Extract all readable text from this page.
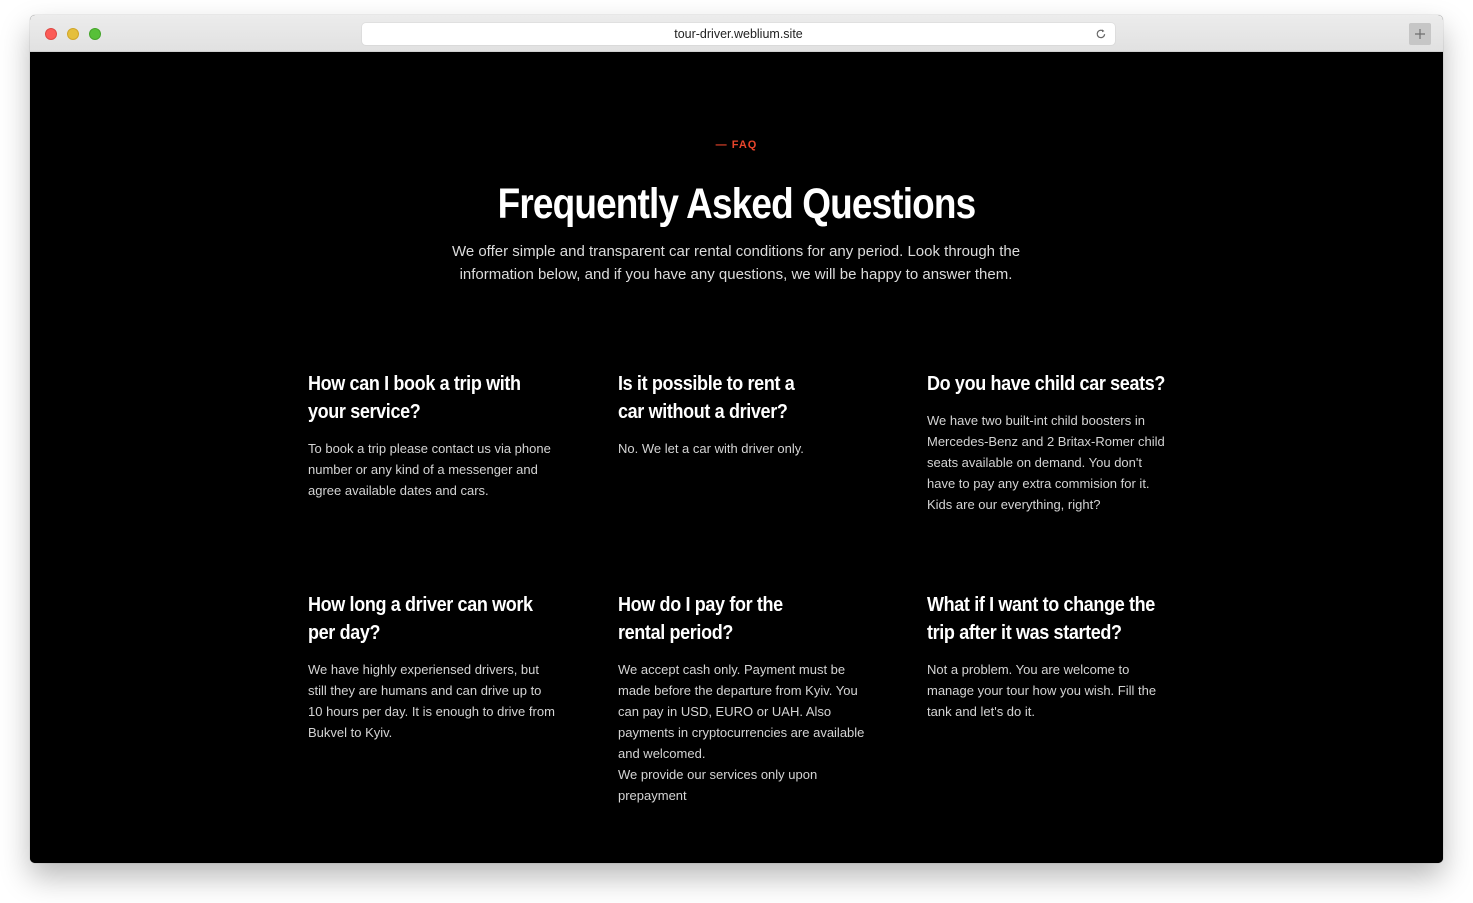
tour-driver.weblium.site
— FAQ
Frequently Asked Questions

We offer simple and transparent car rental conditions for any period. Look through the information below, and if you have any questions, we will be happy to answer them.

How can I book a trip with your service?

To book a trip please contact us via phone number or any kind of a messenger and agree available dates and cars.

Is it possible to rent a car without a driver?

No. We let a car with driver only.

Do you have child car seats?

We have two built-int child boosters in Mercedes-Benz and 2 Britax-Romer child seats available on demand. You don't have to pay any extra commision for it. Kids are our everything, right?

How long a driver can work per day?

We have highly experiensed drivers, but still they are humans and can drive up to 10 hours per day. It is enough to drive from Bukvel to Kyiv.

How do I pay for the rental period?

We accept cash only. Payment must be made before the departure from Kyiv. You can pay in USD, EURO or UAH. Also payments in cryptocurrencies are available and welcomed.

We provide our services only upon prepayment

What if I want to change the trip after it was started?

Not a problem. You are welcome to manage your tour how you wish. Fill the tank and let's do it.
